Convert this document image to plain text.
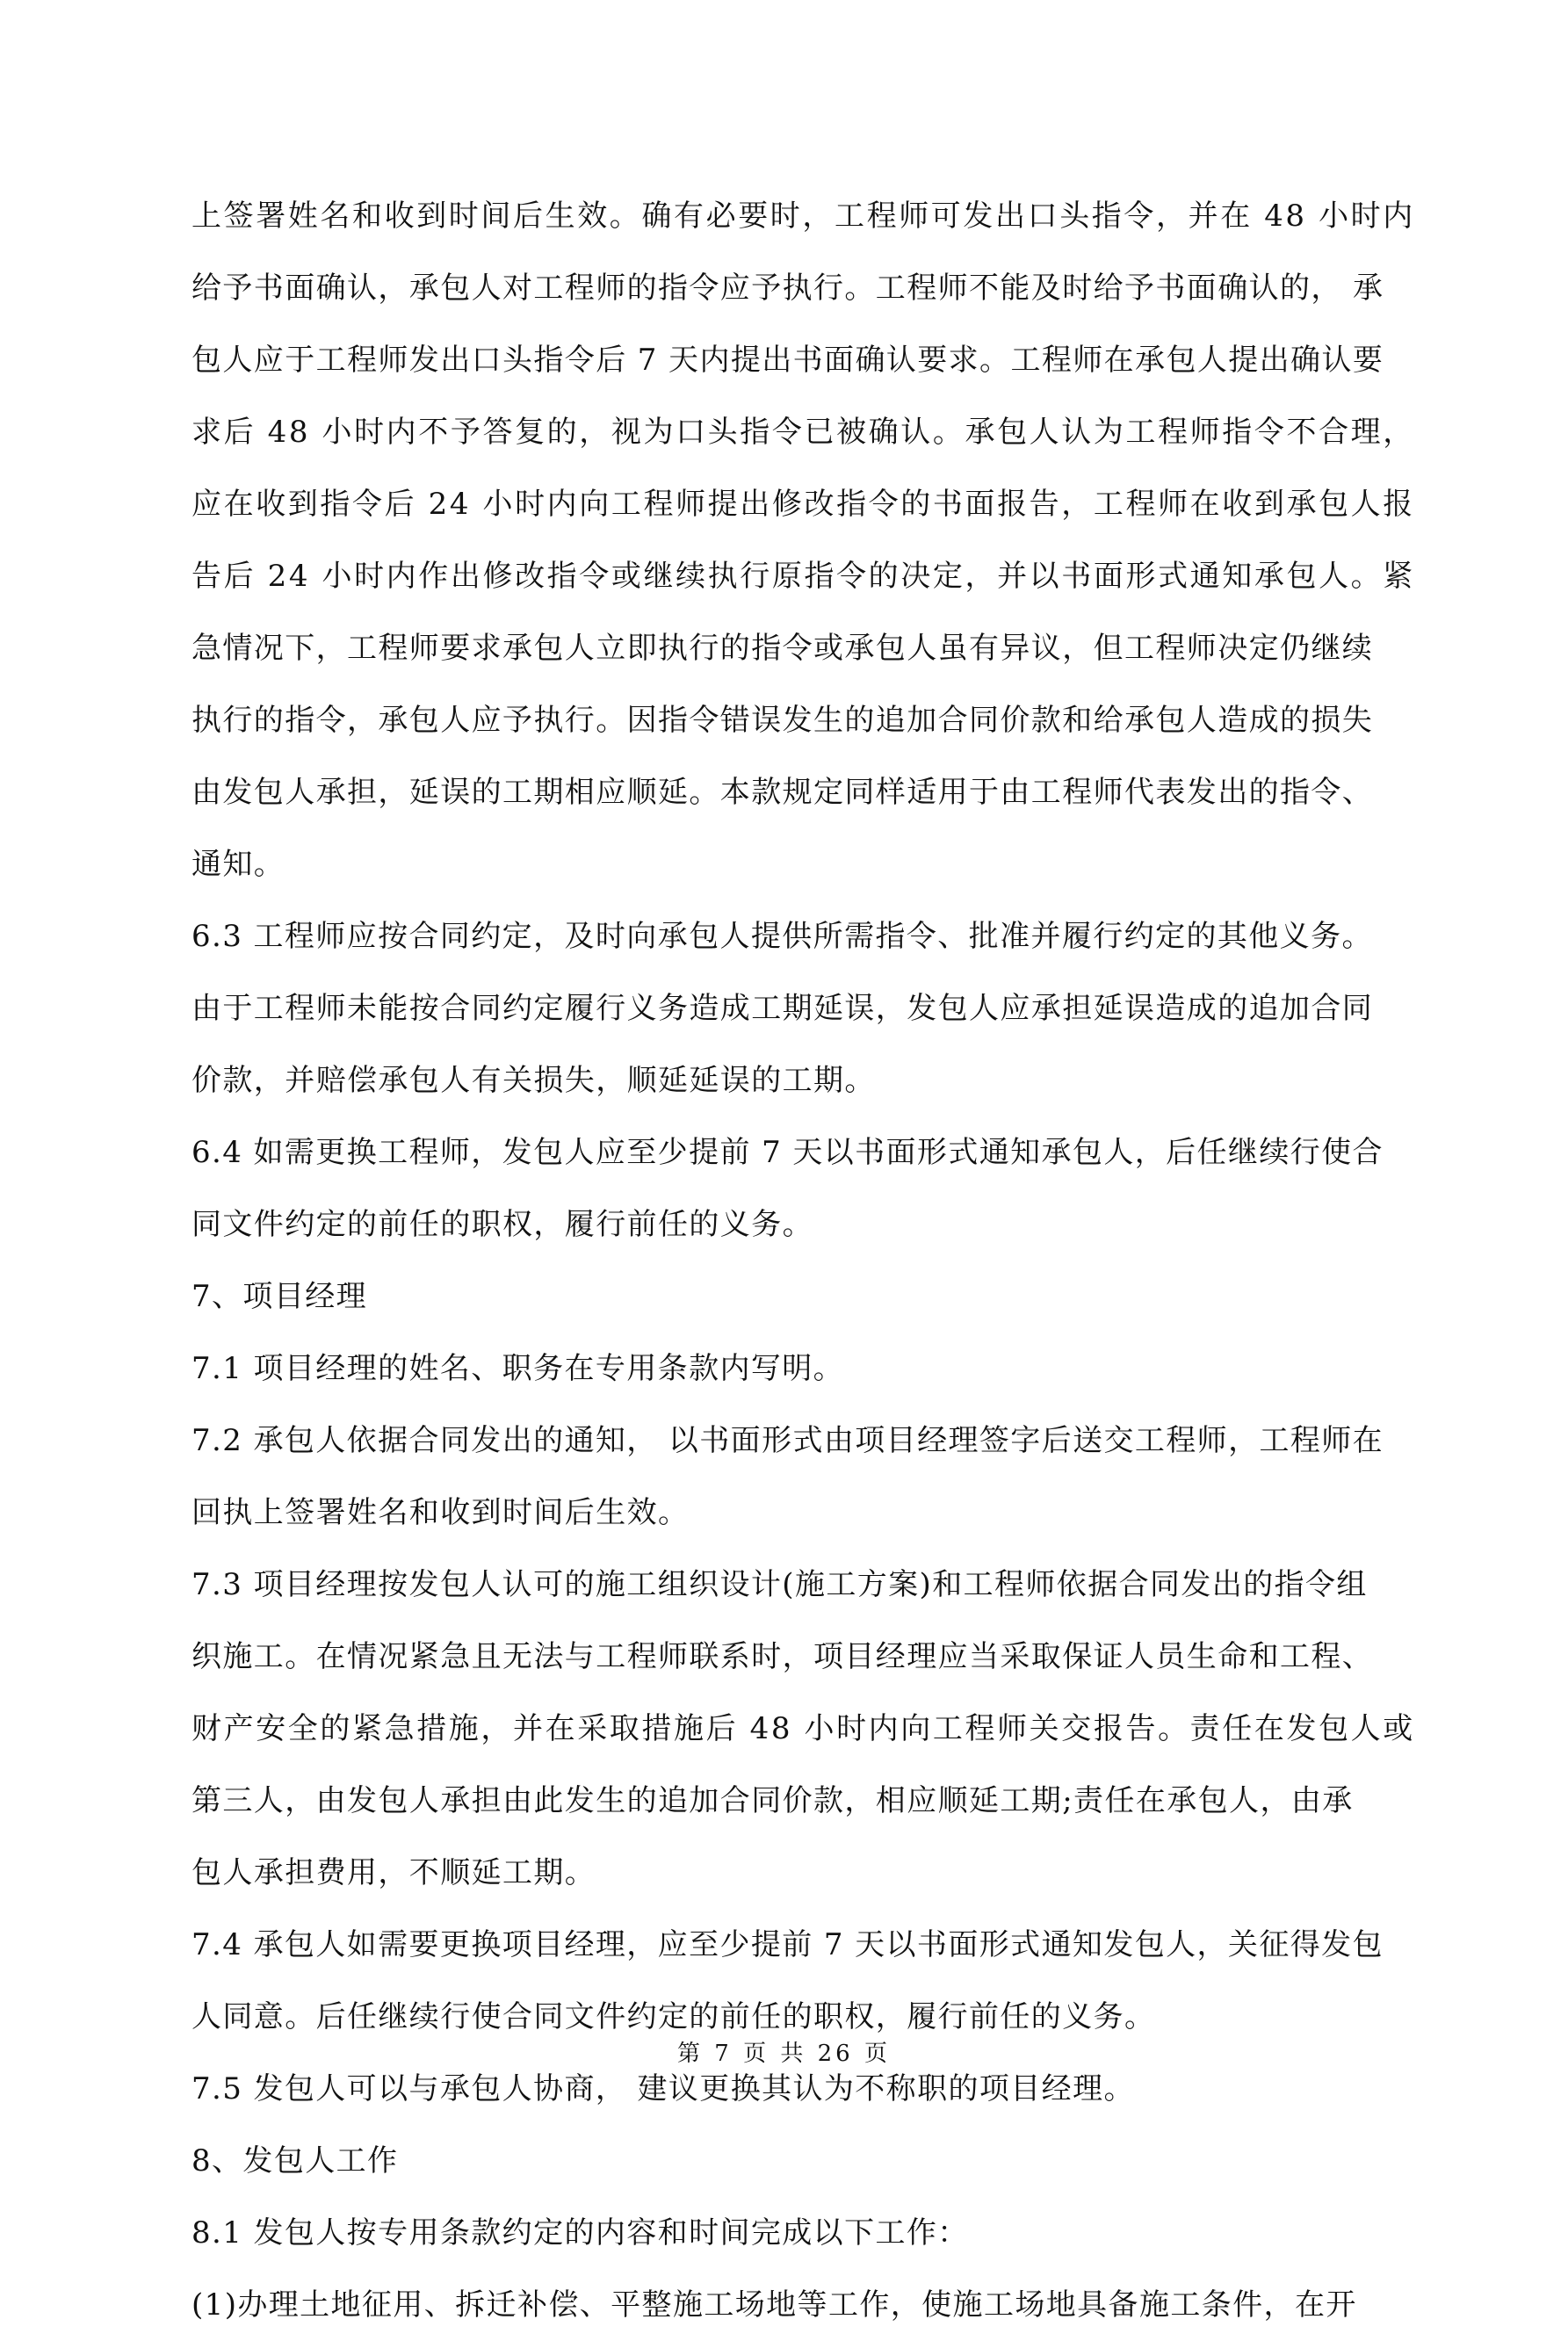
上签署姓名和收到时间后生效。确有必要时，工程师可发出口头指令，并在 48 小时内

给予书面确认，承包人对工程师的指令应予执行。工程师不能及时给予书面确认的， 承

包人应于工程师发出口头指令后 7 天内提出书面确认要求。工程师在承包人提出确认要

求后 48 小时内不予答复的，视为口头指令已被确认。承包人认为工程师指令不合理，

应在收到指令后 24 小时内向工程师提出修改指令的书面报告，工程师在收到承包人报

告后 24 小时内作出修改指令或继续执行原指令的决定，并以书面形式通知承包人。紧

急情况下，工程师要求承包人立即执行的指令或承包人虽有异议，但工程师决定仍继续

执行的指令，承包人应予执行。因指令错误发生的追加合同价款和给承包人造成的损失

由发包人承担，延误的工期相应顺延。本款规定同样适用于由工程师代表发出的指令、

通知。

6.3 工程师应按合同约定，及时向承包人提供所需指令、批准并履行约定的其他义务。

由于工程师未能按合同约定履行义务造成工期延误，发包人应承担延误造成的追加合同

价款，并赔偿承包人有关损失，顺延延误的工期。

6.4 如需更换工程师，发包人应至少提前 7 天以书面形式通知承包人，后任继续行使合

同文件约定的前任的职权，履行前任的义务。

7、项目经理

7.1 项目经理的姓名、职务在专用条款内写明。

7.2 承包人依据合同发出的通知， 以书面形式由项目经理签字后送交工程师，工程师在

回执上签署姓名和收到时间后生效。

7.3 项目经理按发包人认可的施工组织设计(施工方案)和工程师依据合同发出的指令组

织施工。在情况紧急且无法与工程师联系时，项目经理应当采取保证人员生命和工程、

财产安全的紧急措施，并在采取措施后 48 小时内向工程师关交报告。责任在发包人或

第三人，由发包人承担由此发生的追加合同价款，相应顺延工期;责任在承包人，由承

包人承担费用，不顺延工期。

7.4 承包人如需要更换项目经理，应至少提前 7 天以书面形式通知发包人，关征得发包

人同意。后任继续行使合同文件约定的前任的职权，履行前任的义务。

7.5 发包人可以与承包人协商， 建议更换其认为不称职的项目经理。

8、发包人工作

8.1 发包人按专用条款约定的内容和时间完成以下工作：

(1)办理土地征用、拆迁补偿、平整施工场地等工作，使施工场地具备施工条件，在开

第 7 页 共 26 页
